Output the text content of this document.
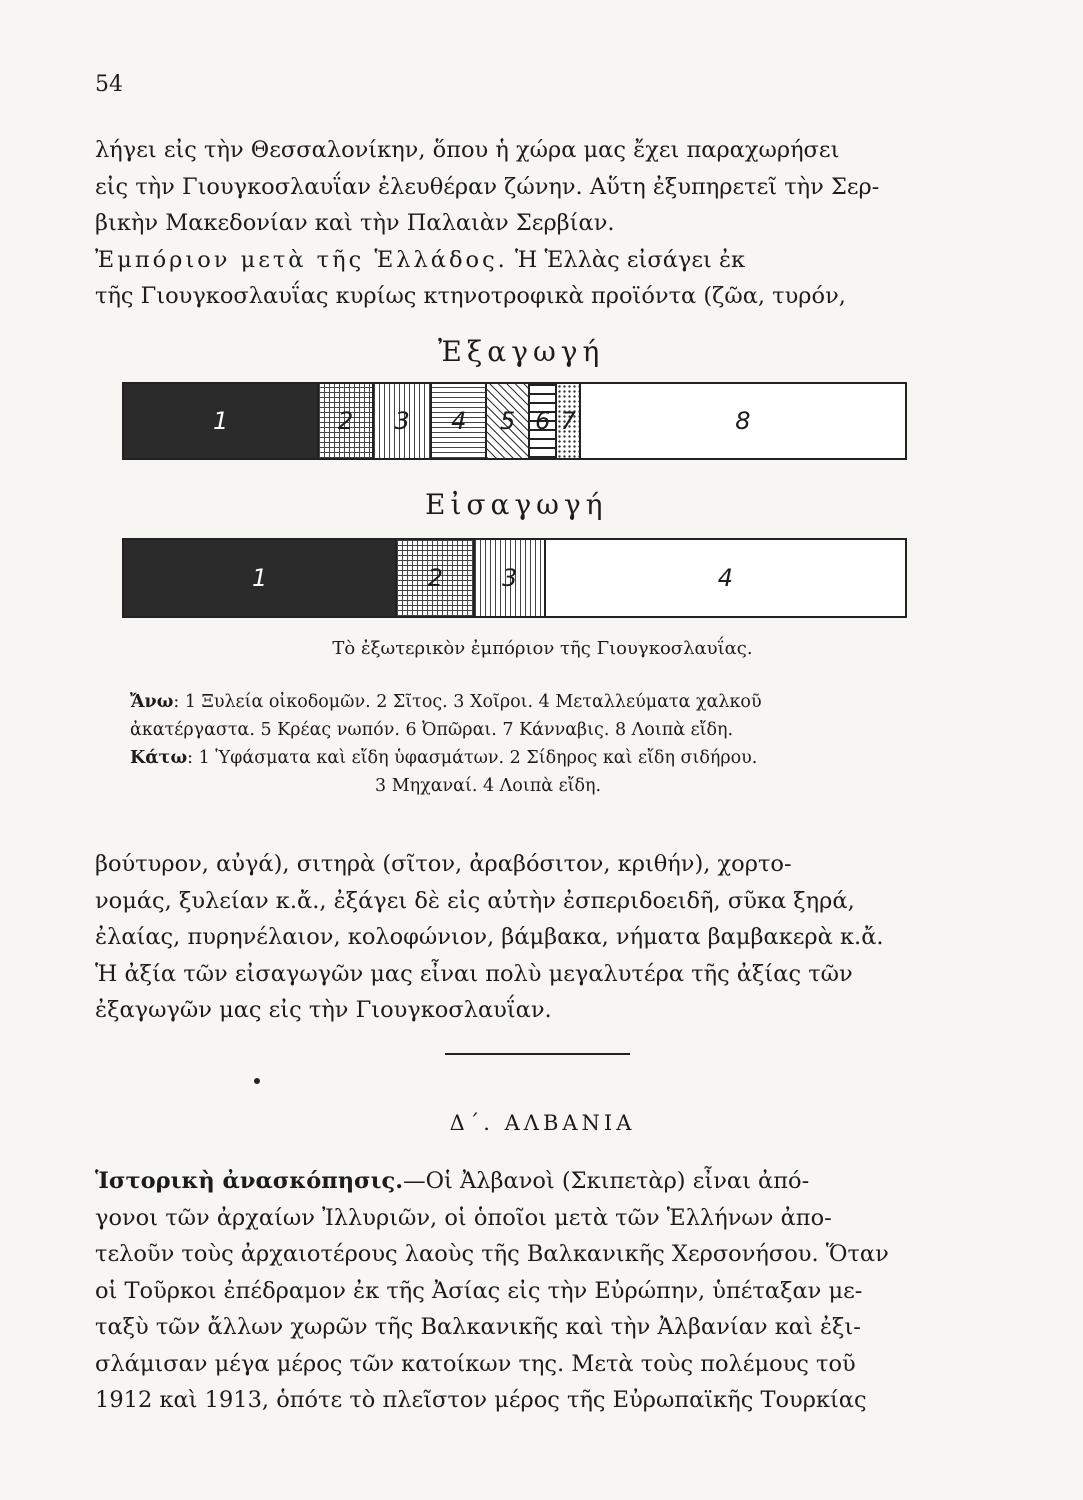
54
λήγει εἰς τὴν Θεσσαλονίκην, ὅπου ἡ χώρα μας ἔχει παραχωρήσει
εἰς τὴν Γιουγκοσλαυΐαν ἐλευθέραν ζώνην. Αὕτη ἐξυπηρετεῖ τὴν Σερ-
βικὴν Μακεδονίαν καὶ τὴν Παλαιὰν Σερβίαν.
Ἐμπόριον μετὰ τῆς Ἑλλάδος. Ἡ Ἑλλὰς εἰσάγει ἐκ
τῆς Γιουγκοσλαυΐας κυρίως κτηνοτροφικὰ προϊόντα (ζῶα, τυρόν,
Ἐξαγωγή
1	2 3 4 5 6 7	8
Εἰσαγωγή
1	2 3	4
Τὸ ἐξωτερικὸν ἐμπόριον τῆς Γιουγκοσλαυΐας.
Ἄνω: 1 Ξυλεία οἰκοδομῶν. 2 Σῖτος. 3 Χοῖροι. 4 Μεταλλεύματα χαλκοῦ
ἀκατέργαστα. 5 Κρέας νωπόν. 6 Ὀπῶραι. 7 Κάνναβις. 8 Λοιπὰ εἴδη.
Κάτω: 1 Ὑφάσματα καὶ εἴδη ὑφασμάτων. 2 Σίδηρος καὶ εἴδη σιδήρου.
3 Μηχαναί. 4 Λοιπὰ εἴδη.
βούτυρον, αὐγά), σιτηρὰ (σῖτον, ἀραβόσιτον, κριθήν), χορτο-
νομάς, ξυλείαν κ.ἄ., ἐξάγει δὲ εἰς αὐτὴν ἐσπεριδοειδῆ, σῦκα ξηρά,
ἐλαίας, πυρηνέλαιον, κολοφώνιον, βάμβακα, νήματα βαμβακερὰ κ.ἄ.
Ἡ ἀξία τῶν εἰσαγωγῶν μας εἶναι πολὺ μεγαλυτέρα τῆς ἀξίας τῶν
ἐξαγωγῶν μας εἰς τὴν Γιουγκοσλαυΐαν.
Δ΄. ΑΛΒΑΝΙΑ
Ἱστορικὴ ἀνασκόπησις.—Οἱ Ἀλβανοὶ (Σκιπετὰρ) εἶναι ἀπό-
γονοι τῶν ἀρχαίων Ἰλλυριῶν, οἱ ὁποῖοι μετὰ τῶν Ἑλλήνων ἀπο-
τελοῦν τοὺς ἀρχαιοτέρους λαοὺς τῆς Βαλκανικῆς Χερσονήσου. Ὅταν
οἱ Τοῦρκοι ἐπέδραμον ἐκ τῆς Ἀσίας εἰς τὴν Εὐρώπην, ὑπέταξαν με-
ταξὺ τῶν ἄλλων χωρῶν τῆς Βαλκανικῆς καὶ τὴν Ἀλβανίαν καὶ ἐξι-
σλάμισαν μέγα μέρος τῶν κατοίκων της. Μετὰ τοὺς πολέμους τοῦ
1912 καὶ 1913, ὁπότε τὸ πλεῖστον μέρος τῆς Εὐρωπαϊκῆς Τουρκίας
